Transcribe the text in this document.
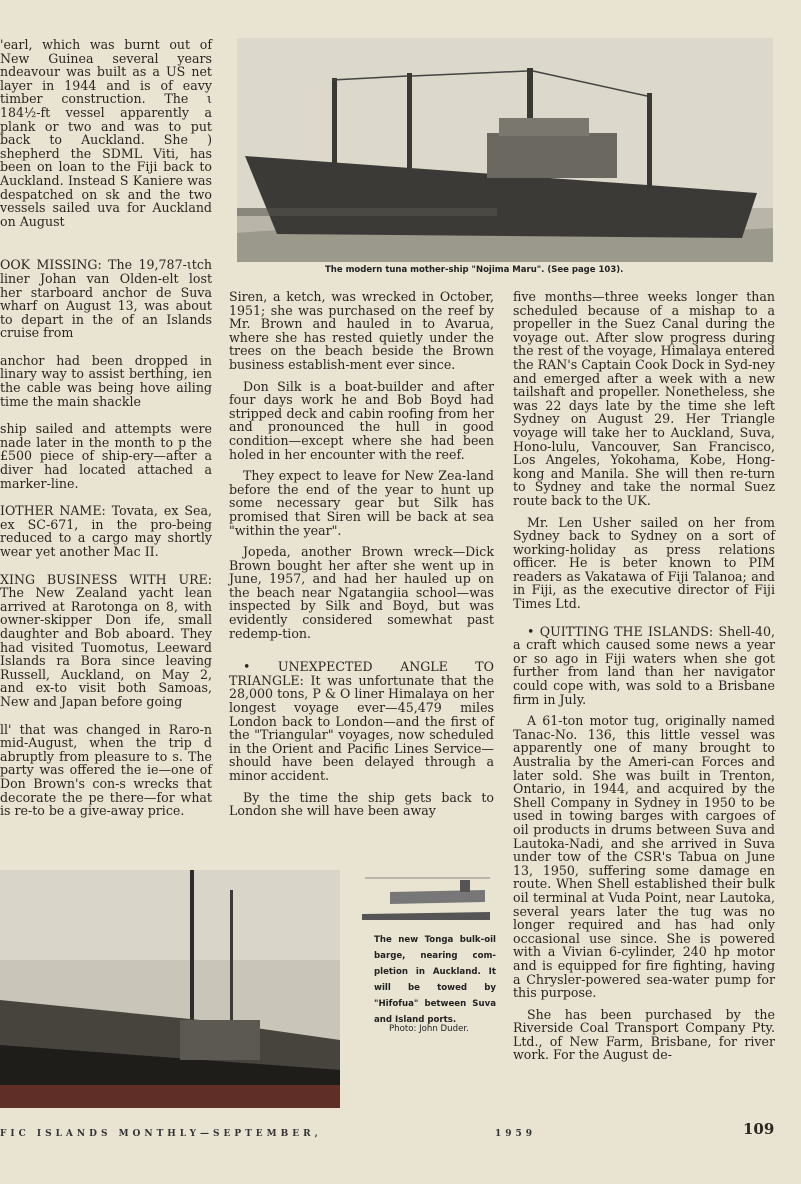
'earl, which was burnt out of New Guinea several years ndeavour was built as a US net layer in 1944 and is of eavy timber construction. The ι 184½-ft vessel apparently a plank or two and was to put back to Auckland. She ) shepherd the SDML Viti, has been on loan to the Fiji back to Auckland. Instead S Kaniere was despatched on sk and the two vessels sailed uva for Auckland on August

OOK MISSING: The 19,787-ιtch liner Johan van Olden-elt lost her starboard anchor de Suva wharf on August 13, was about to depart in the of an Islands cruise from

anchor had been dropped in linary way to assist berthing, ien the cable was being hove ailing time the main shackle

ship sailed and attempts were nade later in the month to p the £500 piece of ship-ery—after a diver had located attached a marker-line.

IOTHER NAME: Tovata, ex Sea, ex SC-671, in the pro-being reduced to a cargo may shortly wear yet another Mac II.

XING BUSINESS WITH URE: The New Zealand yacht lean arrived at Rarotonga on 8, with owner-skipper Don ife, small daughter and Bob aboard. They had visited Tuomotus, Leeward Islands ra Bora since leaving Russell, Auckland, on May 2, and ex-to visit both Samoas, New and Japan before going

ll' that was changed in Raro-n mid-August, when the trip d abruptly from pleasure to s. The party was offered the ie—one of Don Brown's con-s wrecks that decorate the pe there—for what is re-to be a give-away price.

The modern tuna mother-ship "Nojima Maru". (See page 103).

Siren, a ketch, was wrecked in October, 1951; she was purchased on the reef by Mr. Brown and hauled in to Avarua, where she has rested quietly under the trees on the beach beside the Brown business establish-ment ever since.

Don Silk is a boat-builder and after four days work he and Bob Boyd had stripped deck and cabin roofing from her and pronounced the hull in good condition—except where she had been holed in her encounter with the reef.

They expect to leave for New Zea-land before the end of the year to hunt up some necessary gear but Silk has promised that Siren will be back at sea "within the year".

Jopeda, another Brown wreck—Dick Brown bought her after she went up in June, 1957, and had her hauled up on the beach near Ngatangiia school—was inspected by Silk and Boyd, but was evidently considered somewhat past redemp-tion.

• UNEXPECTED ANGLE TO TRIANGLE: It was unfortunate that the 28,000 tons, P & O liner Himalaya on her longest voyage ever—45,479 miles London back to London—and the first of the "Triangular" voyages, now scheduled in the Orient and Pacific Lines Service—should have been delayed through a minor accident.

By the time the ship gets back to London she will have been away

five months—three weeks longer than scheduled because of a mishap to a propeller in the Suez Canal during the voyage out. After slow progress during the rest of the voyage, Himalaya entered the RAN's Captain Cook Dock in Syd-ney and emerged after a week with a new tailshaft and propeller. Nonetheless, she was 22 days late by the time she left Sydney on August 29. Her Triangle voyage will take her to Auckland, Suva, Hono-lulu, Vancouver, San Francisco, Los Angeles, Yokohama, Kobe, Hong-kong and Manila. She will then re-turn to Sydney and take the normal Suez route back to the UK.

Mr. Len Usher sailed on her from Sydney back to Sydney on a sort of working-holiday as press relations officer. He is beter known to PIM readers as Vakatawa of Fiji Talanoa; and in Fiji, as the executive director of Fiji Times Ltd.

• QUITTING THE ISLANDS: Shell-40, a craft which caused some news a year or so ago in Fiji waters when she got further from land than her navigator could cope with, was sold to a Brisbane firm in July.

A 61-ton motor tug, originally named Tanac-No. 136, this little vessel was apparently one of many brought to Australia by the Ameri-can Forces and later sold. She was built in Trenton, Ontario, in 1944, and acquired by the Shell Company in Sydney in 1950 to be used in towing barges with cargoes of oil products in drums between Suva and Lautoka-Nadi, and she arrived in Suva under tow of the CSR's Tabua on June 13, 1950, suffering some damage en route. When Shell established their bulk oil terminal at Vuda Point, near Lautoka, several years later the tug was no longer required and has had only occasional use since. She is powered with a Vivian 6-cylinder, 240 hp motor and is equipped for fire fighting, having a Chrysler-powered sea-water pump for this purpose.

She has been purchased by the Riverside Coal Transport Company Pty. Ltd., of New Farm, Brisbane, for river work. For the August de-

The new Tonga bulk-oil barge, nearing com-pletion in Auckland. It will be towed by "Hifofua" between Suva and Island ports.
Photo: John Duder.
FIC ISLANDS MONTHLY—SEPTEMBER,	1959	109
